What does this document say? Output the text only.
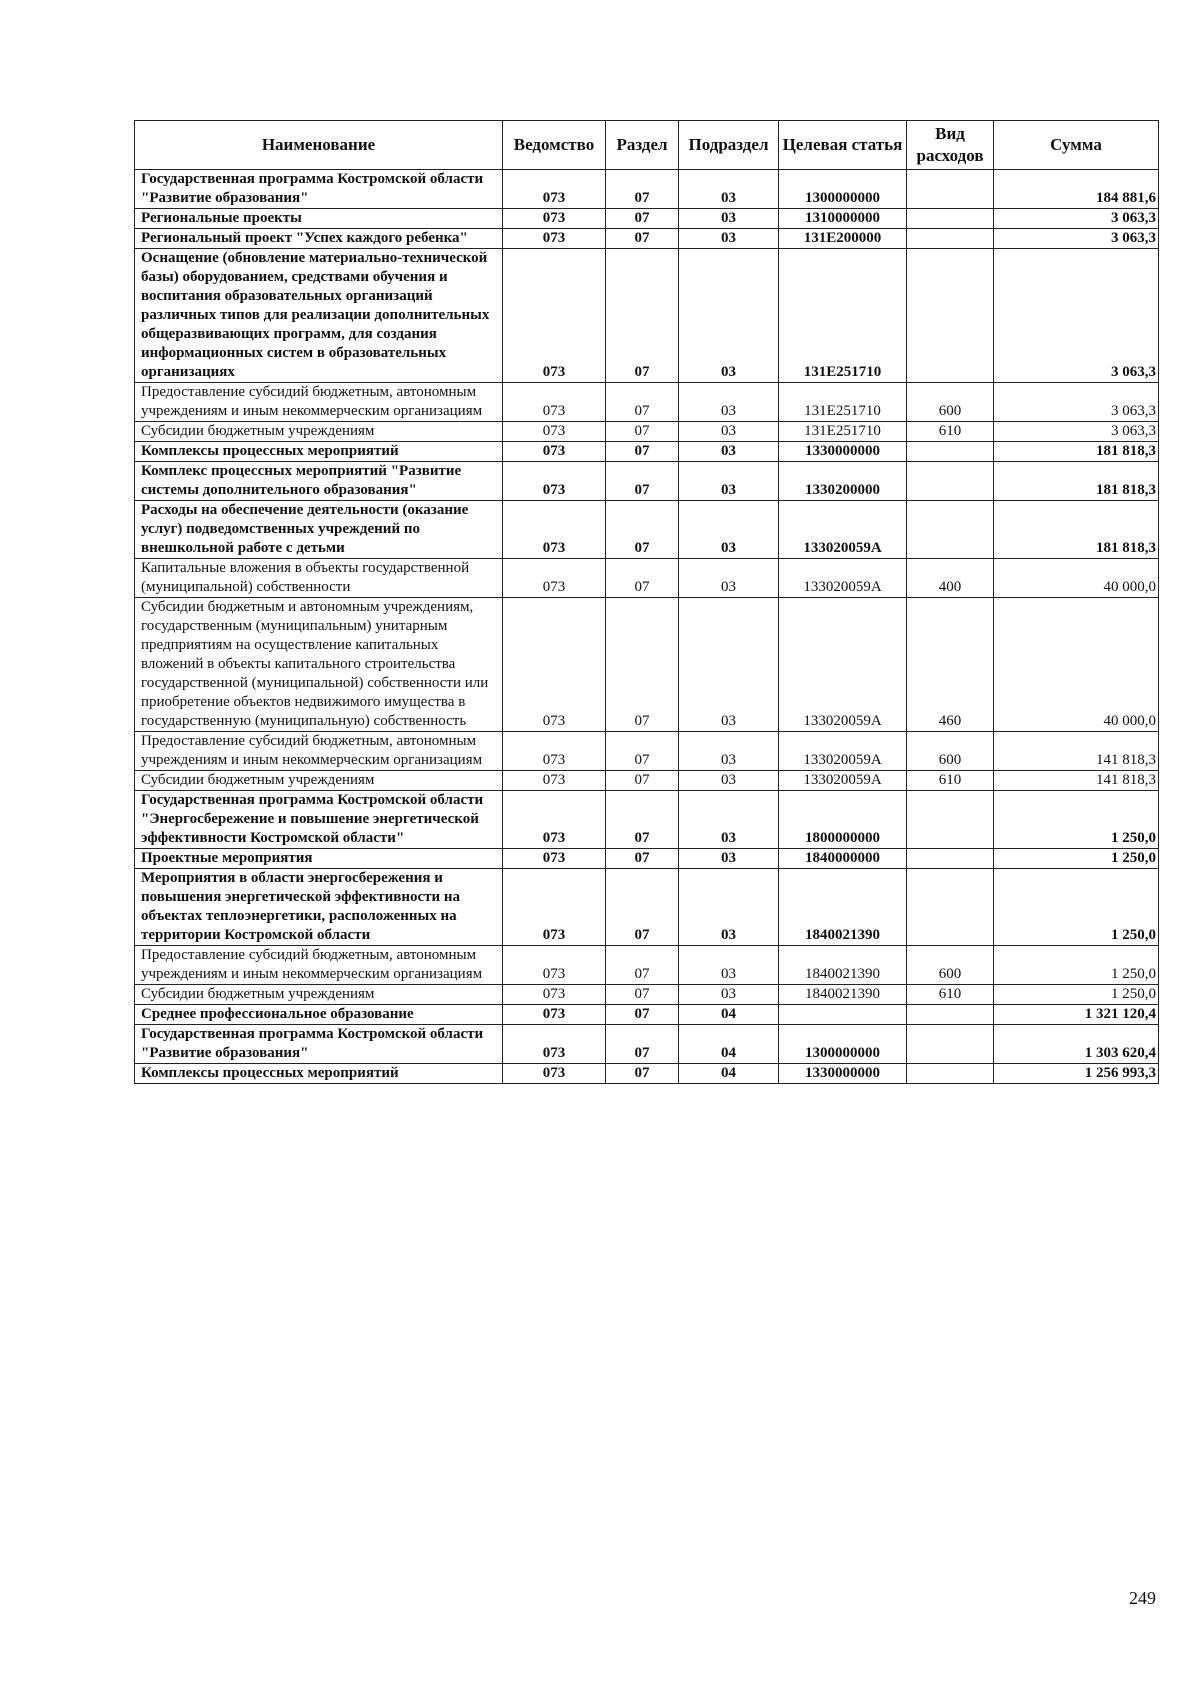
Наименование	Ведомство	Раздел	Подраздел	Целевая статья	Вид расходов	Сумма
Государственная программа Костромской области "Развитие образования"	073	07	03	1300000000		184 881,6
Региональные проекты	073	07	03	1310000000		3 063,3
Региональный проект "Успех каждого ребенка"	073	07	03	131E200000		3 063,3
Оснащение (обновление материально-технической базы) оборудованием, средствами обучения и воспитания образовательных организаций различных типов для реализации дополнительных общеразвивающих программ, для создания информационных систем в образовательных организациях	073	07	03	131E251710		3 063,3
Предоставление субсидий бюджетным, автономным учреждениям и иным некоммерческим организациям	073	07	03	131E251710	600	3 063,3
Субсидии бюджетным учреждениям	073	07	03	131E251710	610	3 063,3
Комплексы процессных мероприятий	073	07	03	1330000000		181 818,3
Комплекс процессных мероприятий "Развитие системы дополнительного образования"	073	07	03	1330200000		181 818,3
Расходы на обеспечение деятельности (оказание услуг) подведомственных учреждений по внешкольной работе с детьми	073	07	03	133020059А		181 818,3
Капитальные вложения в объекты государственной (муниципальной) собственности	073	07	03	133020059А	400	40 000,0
Субсидии бюджетным и автономным учреждениям, государственным (муниципальным) унитарным предприятиям на осуществление капитальных вложений в объекты капитального строительства государственной (муниципальной) собственности или приобретение объектов недвижимого имущества в государственную (муниципальную) собственность	073	07	03	133020059А	460	40 000,0
Предоставление субсидий бюджетным, автономным учреждениям и иным некоммерческим организациям	073	07	03	133020059А	600	141 818,3
Субсидии бюджетным учреждениям	073	07	03	133020059А	610	141 818,3
Государственная программа Костромской области "Энергосбережение и повышение энергетической эффективности Костромской области"	073	07	03	1800000000		1 250,0
Проектные мероприятия	073	07	03	1840000000		1 250,0
Мероприятия в области энергосбережения и повышения энергетической эффективности на объектах теплоэнергетики, расположенных на территории Костромской области	073	07	03	1840021390		1 250,0
Предоставление субсидий бюджетным, автономным учреждениям и иным некоммерческим организациям	073	07	03	1840021390	600	1 250,0
Субсидии бюджетным учреждениям	073	07	03	1840021390	610	1 250,0
Среднее профессиональное образование	073	07	04			1 321 120,4
Государственная программа Костромской области "Развитие образования"	073	07	04	1300000000		1 303 620,4
Комплексы процессных мероприятий	073	07	04	1330000000		1 256 993,3
249
